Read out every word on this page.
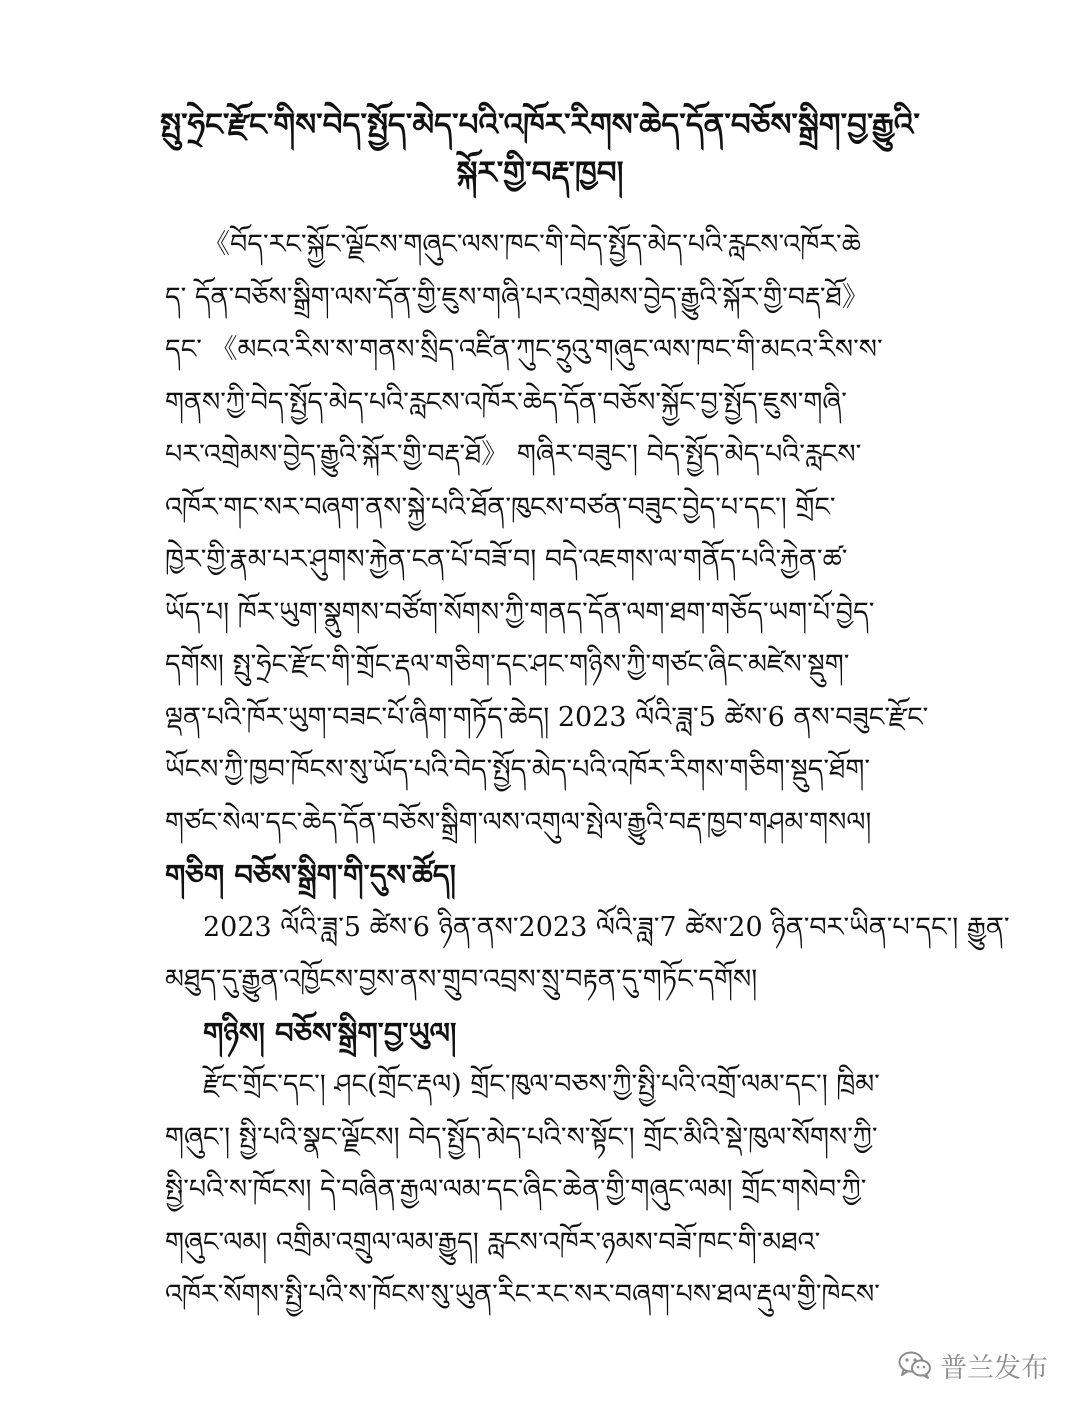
སྤུ་ཧྲེང་རྫོང་གིས་བེད་སྤྱོད་མེད་པའི་འཁོར་རིགས་ཆེད་དོན་བཅོས་སྒྲིག་བྱ་རྒྱུའི་
སྐོར་གྱི་བརྡ་ཁྱབ།
《བོད་རང་སྐྱོང་ལྗོངས་གཞུང་ལས་ཁང་གི་བེད་སྤྱོད་མེད་པའི་རླངས་འཁོར་ཆེ
ད་ དོན་བཅོས་སྒྲིག་ལས་དོན་གྱི་ཇུས་གཞི་པར་འགྲེམས་བྱེད་རྒྱུའི་སྐོར་གྱི་བརྡ་ཐོ》
དང་ 《མངའ་རིས་ས་གནས་སྲིད་འཛིན་ཀུང་ཧྲུའུ་གཞུང་ལས་ཁང་གི་མངའ་རིས་ས་
གནས་ཀྱི་བེད་སྤྱོད་མེད་པའི་རླངས་འཁོར་ཆེད་དོན་བཅོས་སྐྱོང་བྱ་སྤྱོད་ཇུས་གཞི་
པར་འགྲེམས་བྱེད་རྒྱུའི་སྐོར་གྱི་བརྡ་ཐོ》 གཞིར་བཟུང་། བེད་སྤྱོད་མེད་པའི་རླངས་
འཁོར་གང་སར་བཞག་ནས་སྐྱེ་པའི་ཐོན་ཁུངས་བཙན་བཟུང་བྱེད་པ་དང་། གྲོང་
ཁྱེར་གྱི་རྣམ་པར་ཤུགས་རྐྱེན་ངན་པོ་བཟོ་བ། བདེ་འཇགས་ལ་གནོད་པའི་རྐྱེན་ཚ་
ཡོད་པ། ཁོར་ཡུག་སྣུགས་བཙོག་སོགས་ཀྱི་གནད་དོན་ལག་ཐག་གཅོད་ཡག་པོ་བྱེད་
དགོས། སྤུ་ཧྲེང་རྫོང་གི་གྲོང་རྡལ་གཅིག་དང་ཤང་གཉིས་ཀྱི་གཙང་ཞིང་མཛེས་སྡུག་
ལྡན་པའི་ཁོར་ཡུག་བཟང་པོ་ཞིག་གཏོད་ཆེད། 2023 ལོའི་ཟླ་5 ཚེས་6 ནས་བཟུང་རྫོང་
ཡོངས་ཀྱི་ཁྱབ་ཁོངས་སུ་ཡོད་པའི་བེད་སྤྱོད་མེད་པའི་འཁོར་རིགས་གཅིག་སྡུད་ཐོག་
གཙང་སེལ་དང་ཆེད་དོན་བཅོས་སྒྲིག་ལས་འགུལ་སྤེལ་རྒྱུའི་བརྡ་ཁྱབ་གཤམ་གསལ།
གཅིག བཅོས་སྒྲིག་གི་དུས་ཚོད།
2023 ལོའི་ཟླ་5 ཚེས་6 ཉིན་ནས་2023 ལོའི་ཟླ་7 ཚེས་20 ཉིན་བར་ཡིན་པ་དང་། རྒྱུན་
མཐུད་དུ་རྒྱུན་འཁྱོངས་བྱས་ནས་གྲུབ་འབྲས་སྲུ་བརྟན་དུ་གཏོང་དགོས།
གཉིས། བཅོས་སྒྲིག་བྱ་ཡུལ།
རྫོང་གྲོང་དང་། ཤང(གྲོང་རྡལ) གྲོང་ཁུལ་བཅས་ཀྱི་སྤྱི་པའི་འགྲོ་ལམ་དང་། ཁྲིམ་
གཞུང་། སྤྱི་པའི་སྣང་ལྗོངས། བེད་སྤྱོད་མེད་པའི་ས་སྟོང་། གྲོང་མིའི་སྡེ་ཁུལ་སོགས་ཀྱི་
སྤྱི་པའི་ས་ཁོངས། དེ་བཞིན་རྒྱལ་ལམ་དང་ཞིང་ཆེན་གྱི་གཞུང་ལམ། གྲོང་གསེབ་ཀྱི་
གཞུང་ལམ། འགྲིམ་འགྲུལ་ལམ་རྒྱུད། རླངས་འཁོར་ཉམས་བཟོ་ཁང་གི་མཐའ་
འཁོར་སོགས་སྤྱི་པའི་ས་ཁོངས་སུ་ཡུན་རིང་རང་སར་བཞག་པས་ཐལ་རྡུལ་གྱི་ཁེངས་
普兰发布
